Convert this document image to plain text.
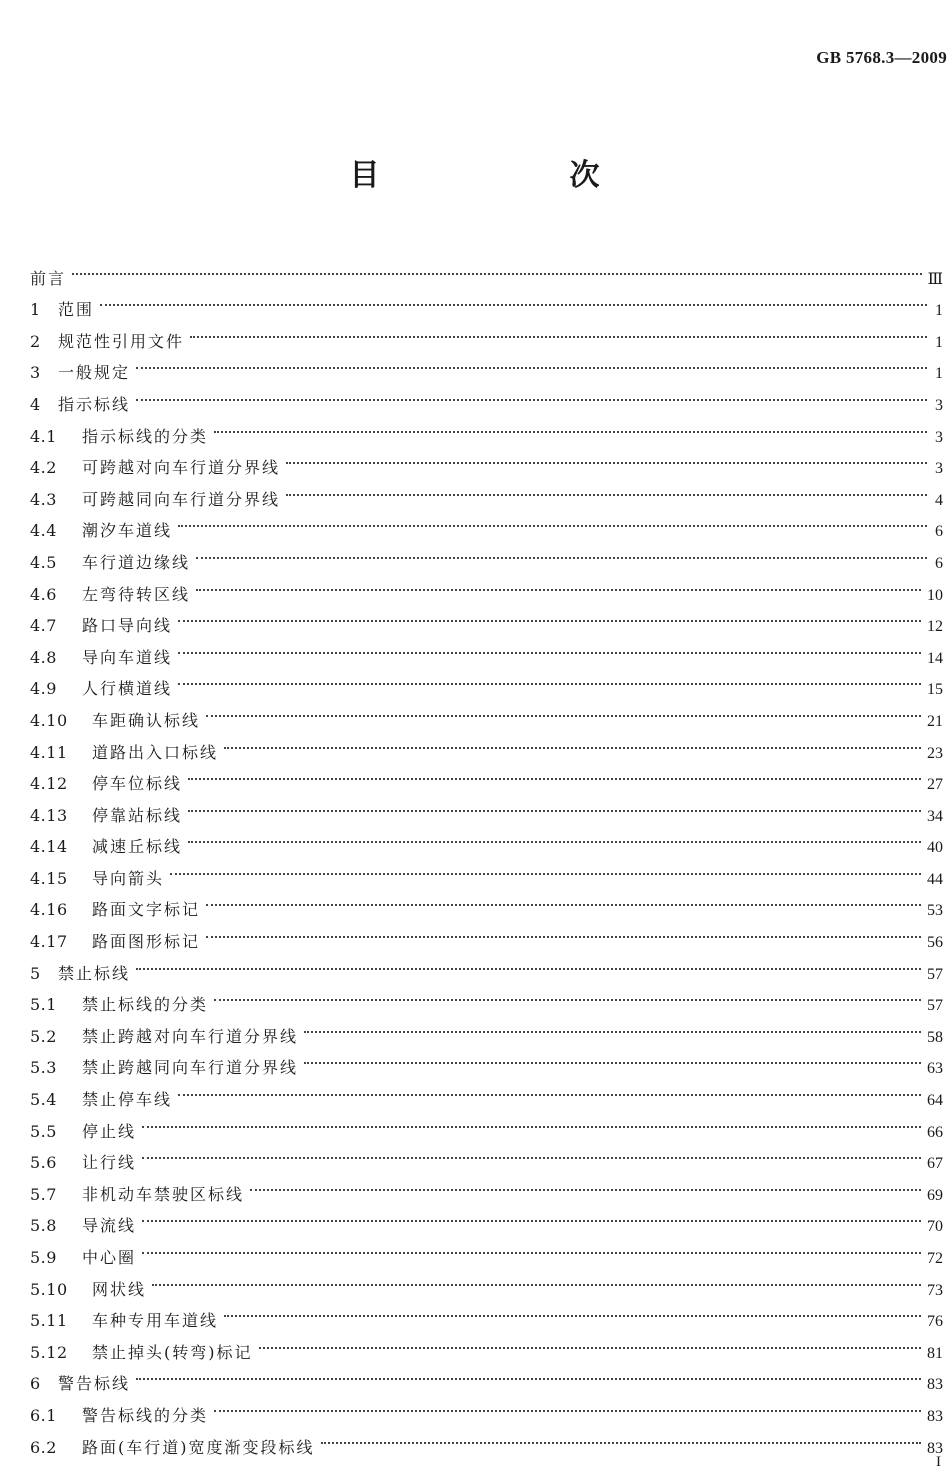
GB 5768.3—2009
目　次
前言	Ⅲ
1	范围	1
2	规范性引用文件	1
3	一般规定	1
4	指示标线	3
4.1	指示标线的分类	3
4.2	可跨越对向车行道分界线	3
4.3	可跨越同向车行道分界线	4
4.4	潮汐车道线	6
4.5	车行道边缘线	6
4.6	左弯待转区线	10
4.7	路口导向线	12
4.8	导向车道线	14
4.9	人行横道线	15
4.10	车距确认标线	21
4.11	道路出入口标线	23
4.12	停车位标线	27
4.13	停靠站标线	34
4.14	减速丘标线	40
4.15	导向箭头	44
4.16	路面文字标记	53
4.17	路面图形标记	56
5	禁止标线	57
5.1	禁止标线的分类	57
5.2	禁止跨越对向车行道分界线	58
5.3	禁止跨越同向车行道分界线	63
5.4	禁止停车线	64
5.5	停止线	66
5.6	让行线	67
5.7	非机动车禁驶区标线	69
5.8	导流线	70
5.9	中心圈	72
5.10	网状线	73
5.11	车种专用车道线	76
5.12	禁止掉头(转弯)标记	81
6	警告标线	83
6.1	警告标线的分类	83
6.2	路面(车行道)宽度渐变段标线	83
I
